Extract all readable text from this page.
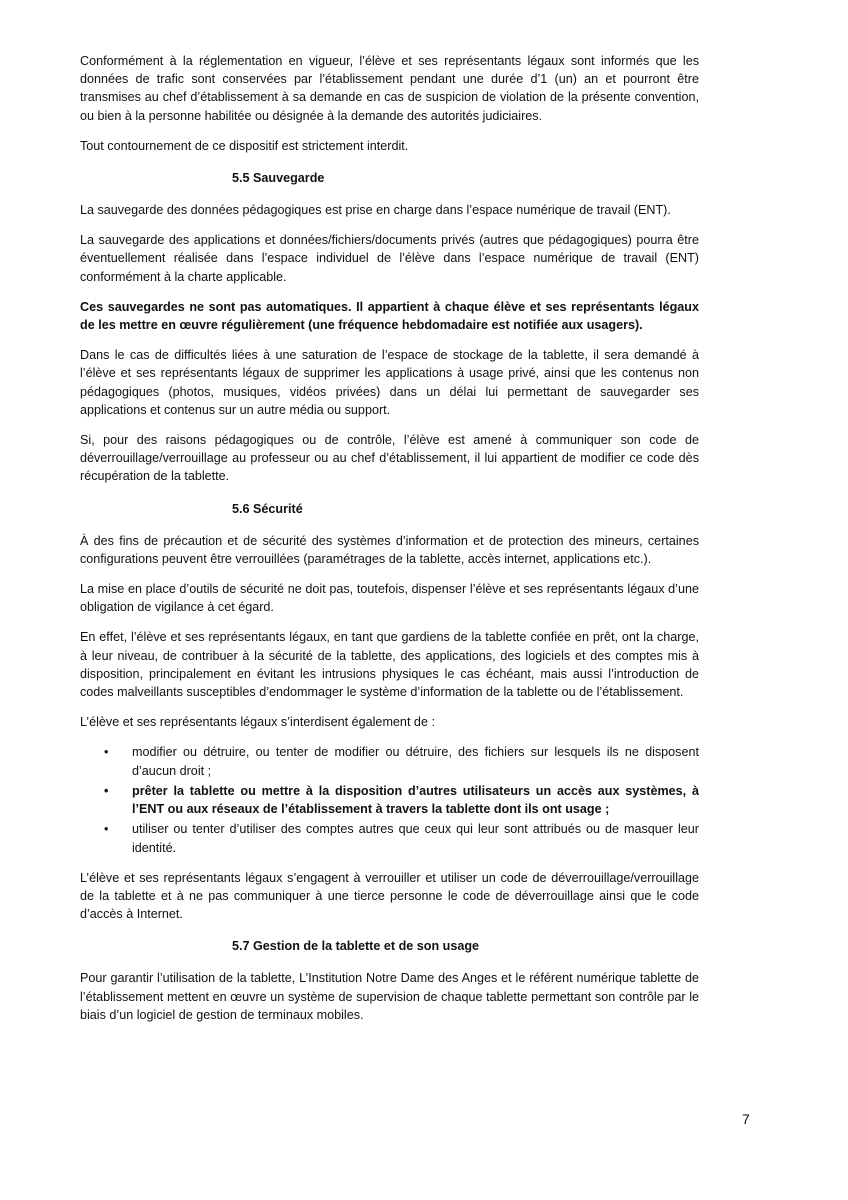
Conformément à la réglementation en vigueur, l’élève et ses représentants légaux sont informés que les données de trafic sont conservées par l’établissement pendant une durée d’1 (un) an et pourront être transmises au chef d’établissement à sa demande en cas de suspicion de violation de la présente convention, ou bien à la personne habilitée ou désignée à la demande des autorités judiciaires.

Tout contournement de ce dispositif est strictement interdit.

5.5 Sauvegarde

La sauvegarde des données pédagogiques est prise en charge dans l’espace numérique de travail (ENT).

La sauvegarde des applications et données/fichiers/documents privés (autres que pédagogiques) pourra être éventuellement réalisée dans l’espace individuel de l’élève dans l’espace numérique de travail (ENT) conformément à la charte applicable.

Ces sauvegardes ne sont pas automatiques. Il appartient à chaque élève et ses représentants légaux de les mettre en œuvre régulièrement (une fréquence hebdomadaire est notifiée aux usagers).

Dans le cas de difficultés liées à une saturation de l’espace de stockage de la tablette, il sera demandé à l’élève et ses représentants légaux de supprimer les applications à usage privé, ainsi que les contenus non pédagogiques (photos, musiques, vidéos privées) dans un délai lui permettant de sauvegarder ses applications et contenus sur un autre média ou support.

Si, pour des raisons pédagogiques ou de contrôle, l’élève est amené à communiquer son code de déverrouillage/verrouillage au professeur ou au chef d’établissement, il lui appartient de modifier ce code dès récupération de la tablette.

5.6 Sécurité

À des fins de précaution et de sécurité des systèmes d’information et de protection des mineurs, certaines configurations peuvent être verrouillées (paramétrages de la tablette, accès internet, applications etc.).

La mise en place d’outils de sécurité ne doit pas, toutefois, dispenser l’élève et ses représentants légaux d’une obligation de vigilance à cet égard.

En effet, l’élève et ses représentants légaux, en tant que gardiens de la tablette confiée en prêt, ont la charge, à leur niveau, de contribuer à la sécurité de la tablette, des applications, des logiciels et des comptes mis à disposition, principalement en évitant les intrusions physiques le cas échéant, mais aussi l’introduction de codes malveillants susceptibles d’endommager le système d’information de la tablette ou de l’établissement.

L’élève et ses représentants légaux s’interdisent également de :

• modifier ou détruire, ou tenter de modifier ou détruire, des fichiers sur lesquels ils ne disposent d’aucun droit ;
• prêter la tablette ou mettre à la disposition d’autres utilisateurs un accès aux systèmes, à l’ENT ou aux réseaux de l’établissement à travers la tablette dont ils ont usage ;
• utiliser ou tenter d’utiliser des comptes autres que ceux qui leur sont attribués ou de masquer leur identité.

L’élève et ses représentants légaux s’engagent à verrouiller et utiliser un code de déverrouillage/verrouillage de la tablette et à ne pas communiquer à une tierce personne le code de déverrouillage ainsi que le code d’accès à Internet.

5.7 Gestion de la tablette et de son usage

Pour garantir l’utilisation de la tablette, L’Institution Notre Dame des Anges et le référent numérique tablette de l’établissement mettent en œuvre un système de supervision de chaque tablette permettant son contrôle par le biais d’un logiciel de gestion de terminaux mobiles.

7
